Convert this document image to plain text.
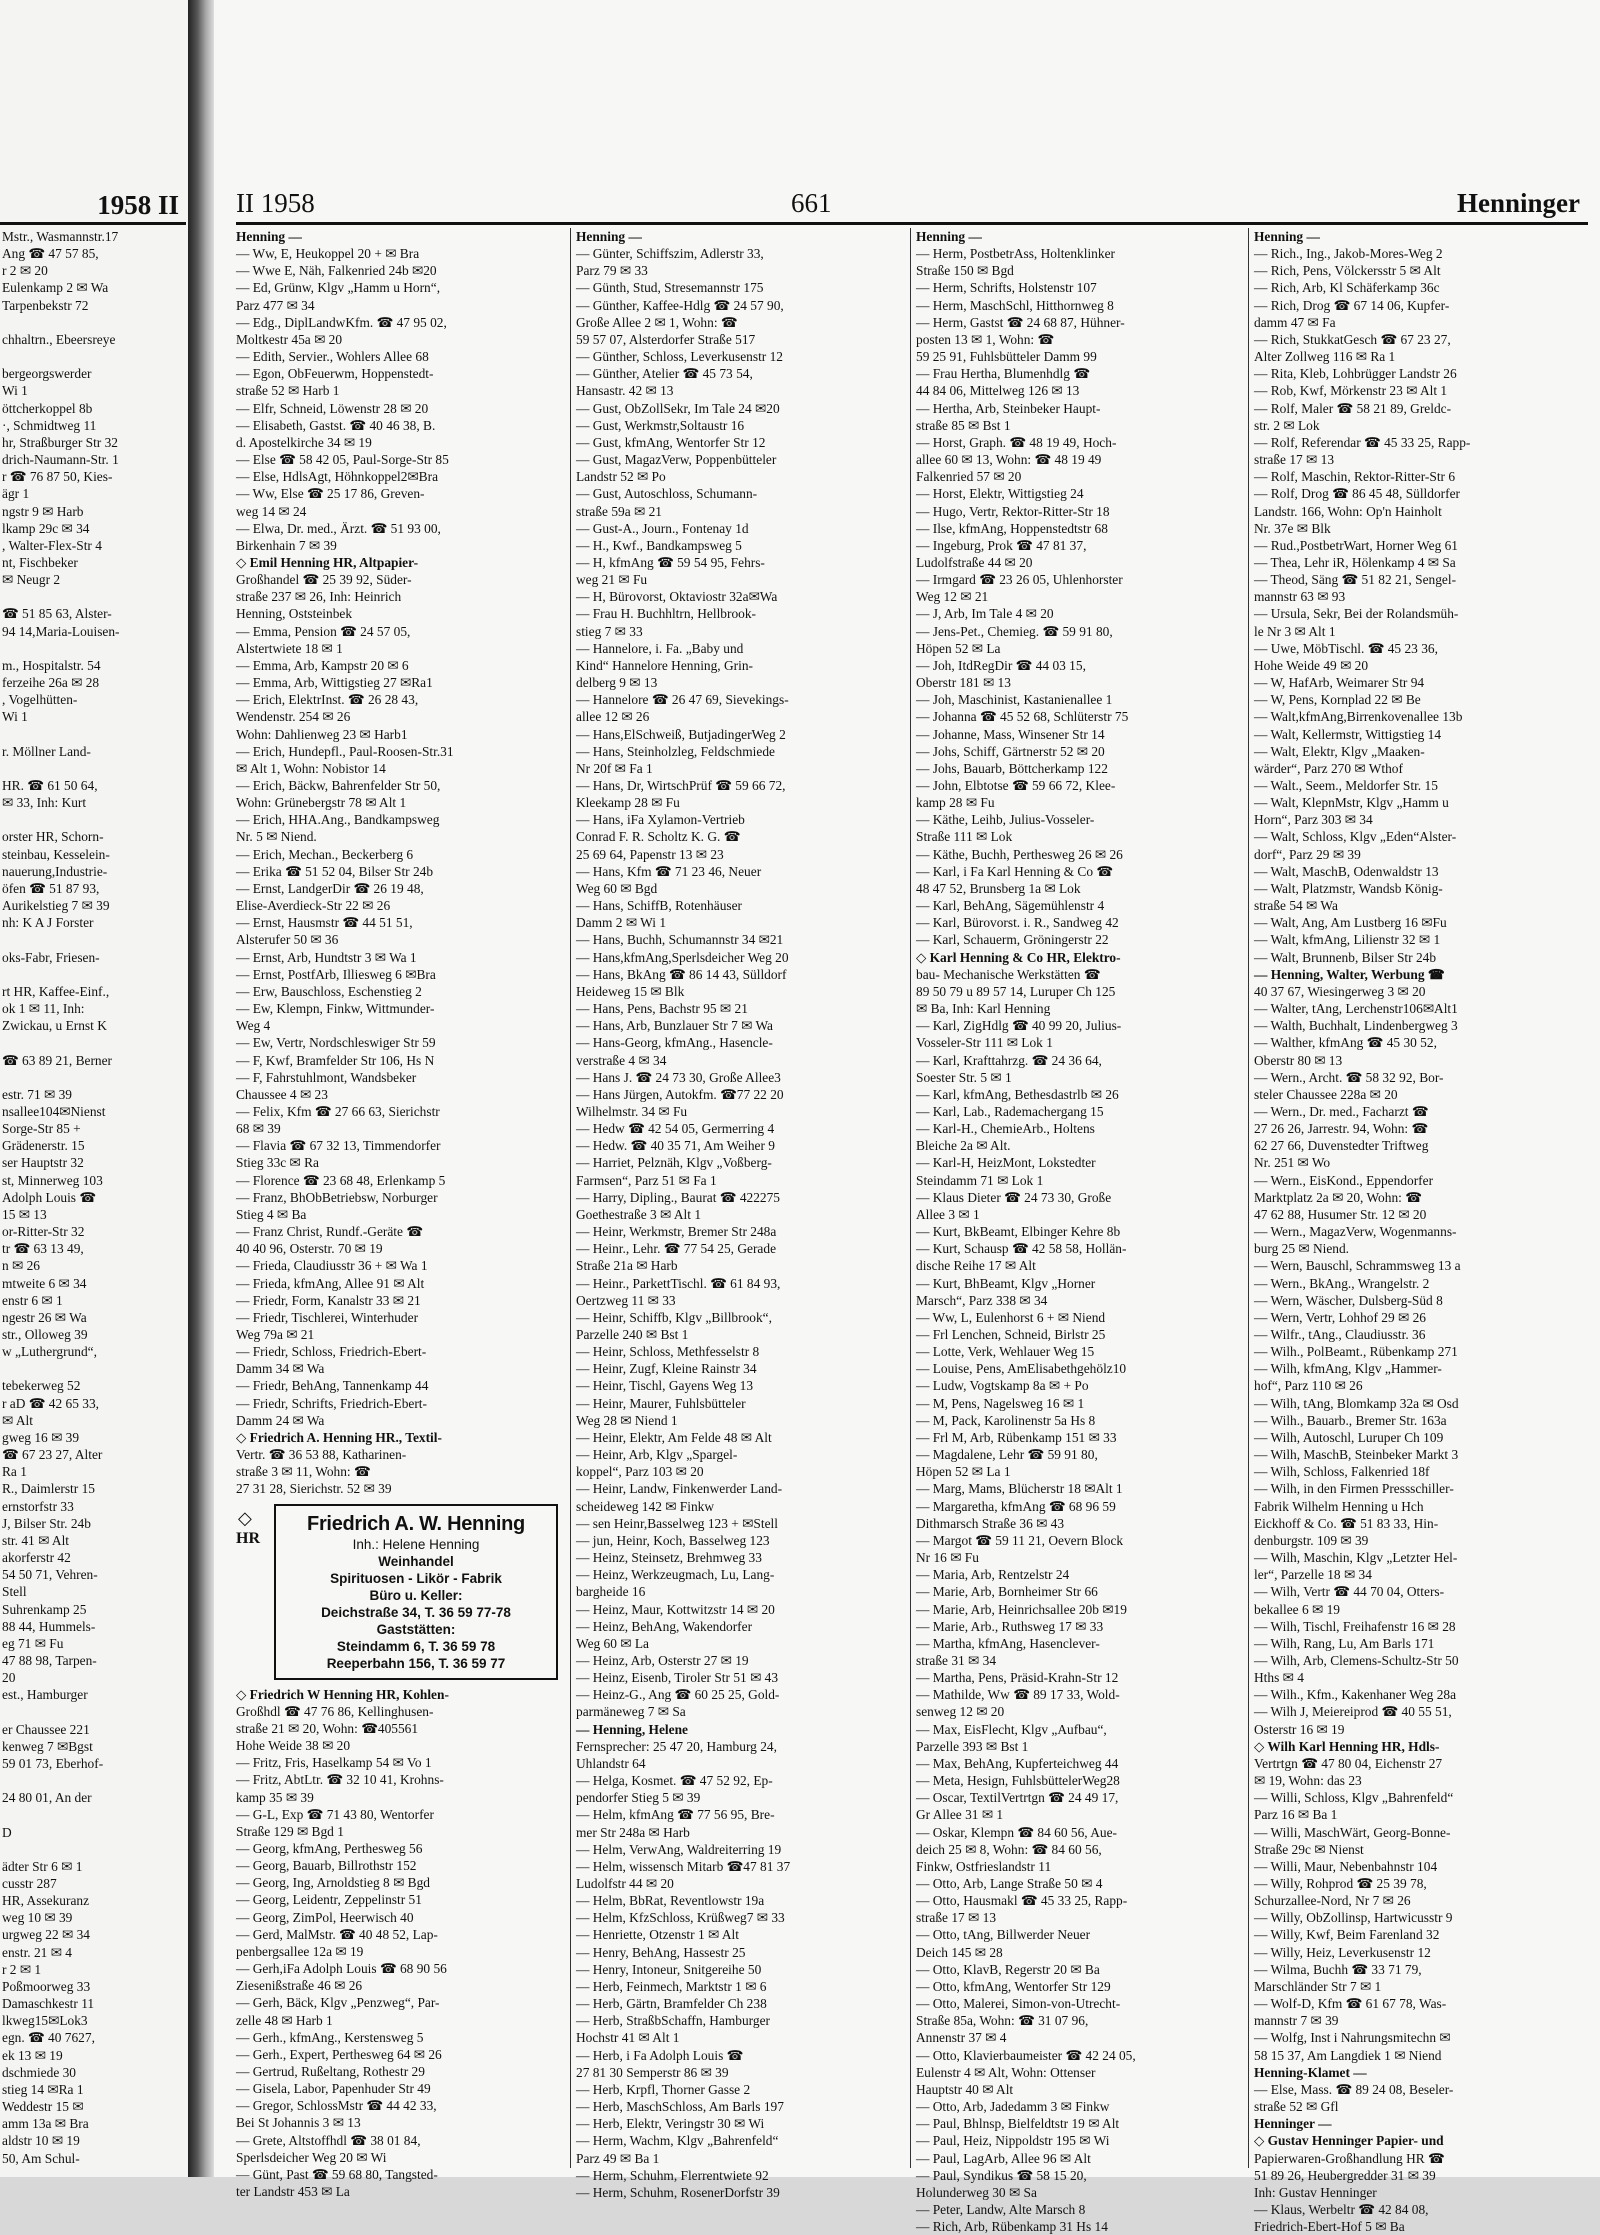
1958 II
Mstr., Wasmannstr.17
Ang ☎ 47 57 85,
r 2 ✉ 20
Eulenkamp 2 ✉ Wa
Tarpenbekstr 72

chhaltrn., Ebeersreye

bergeorgswerder
Wi 1
öttcherkoppel 8b
·, Schmidtweg 11
hr, Straßburger Str 32
drich-Naumann-Str. 1
r ☎ 76 87 50, Kies-
ägr 1
ngstr 9 ✉ Harb
lkamp 29c ✉ 34
, Walter-Flex-Str 4
nt, Fischbeker
✉ Neugr 2

☎ 51 85 63, Alster-
94 14,Maria-Louisen-

m., Hospitalstr. 54
ferzeihe 26a ✉ 28
, Vogelhütten-
Wi 1

r. Möllner Land-

HR. ☎ 61 50 64,
✉ 33, Inh: Kurt

orster HR, Schorn-
steinbau, Kesselein-
nauerung,Industrie-
öfen ☎ 51 87 93,
Aurikelstieg 7 ✉ 39
nh: K A J Forster

oks-Fabr, Friesen-

rt HR, Kaffee-Einf.,
ok 1 ✉ 11, Inh:
Zwickau, u Ernst K

☎ 63 89 21, Berner

estr. 71 ✉ 39
nsallee104✉Nienst
Sorge-Str 85 +
Grädenerstr. 15
ser Hauptstr 32
st, Minnerweg 103
Adolph Louis ☎
15 ✉ 13
or-Ritter-Str 32
tr ☎ 63 13 49,
n ✉ 26
mtweite 6 ✉ 34
enstr 6 ✉ 1
ngestr 26 ✉ Wa
str., Olloweg 39
w „Luthergrund“,

tebekerweg 52
r aD ☎ 42 65 33,
✉ Alt
gweg 16 ✉ 39
☎ 67 23 27, Alter
Ra 1
R., Daimlerstr 15
ernstorfstr 33
J, Bilser Str. 24b
str. 41 ✉ Alt
akorferstr 42
54 50 71, Vehren-
Stell
Suhrenkamp 25
88 44, Hummels-
eg 71 ✉ Fu
47 88 98, Tarpen-
20
est., Hamburger

er Chaussee 221
kenweg 7 ✉Bgst
59 01 73, Eberhof-

24 80 01, An der

D

ädter Str 6 ✉ 1
cusstr 287
HR, Assekuranz
weg 10 ✉ 39
urgweg 22 ✉ 34
enstr. 21 ✉ 4
r 2 ✉ 1
Poßmoorweg 33
Damaschkestr 11
lkweg15✉Lok3
egn. ☎ 40 7627,
ek 13 ✉ 19
dschmiede 30
stieg 14 ✉Ra 1
Weddestr 15 ✉
amm 13a ✉ Bra
aldstr 10 ✉ 19
50, Am Schul-
II 1958	661	Henninger
Henning —
— Ww, E, Heukoppel 20 + ✉ Bra
— Wwe E, Näh, Falkenried 24b ✉20
— Ed, Grünw, Klgv „Hamm u Horn“,
Parz 477 ✉ 34
— Edg., DiplLandwKfm. ☎ 47 95 02,
Moltkestr 45a ✉ 20
— Edith, Servier., Wohlers Allee 68
— Egon, ObFeuerwm, Hoppenstedt-
straße 52 ✉ Harb 1
— Elfr, Schneid, Löwenstr 28 ✉ 20
— Elisabeth, Gastst. ☎ 40 46 38, B.
d. Apostelkirche 34 ✉ 19
— Else ☎ 58 42 05, Paul-Sorge-Str 85
— Else, HdlsAgt, Höhnkoppel2✉Bra
— Ww, Else ☎ 25 17 86, Greven-
weg 14 ✉ 24
— Elwa, Dr. med., Ärzt. ☎ 51 93 00,
Birkenhain 7 ✉ 39
◇ Emil Henning HR, Altpapier-
Großhandel ☎ 25 39 92, Süder-
straße 237 ✉ 26, Inh: Heinrich
Henning, Oststeinbek
— Emma, Pension ☎ 24 57 05,
Alstertwiete 18 ✉ 1
— Emma, Arb, Kampstr 20 ✉ 6
— Emma, Arb, Wittigstieg 27 ✉Ra1
— Erich, ElektrInst. ☎ 26 28 43,
Wendenstr. 254 ✉ 26
Wohn: Dahlienweg 23 ✉ Harb1
— Erich, Hundepfl., Paul-Roosen-Str.31
✉ Alt 1, Wohn: Nobistor 14
— Erich, Bäckw, Bahrenfelder Str 50,
Wohn: Grünebergstr 78 ✉ Alt 1
— Erich, HHA.Ang., Bandkampsweg
Nr. 5 ✉ Niend.
— Erich, Mechan., Beckerberg 6
— Erika ☎ 51 52 04, Bilser Str 24b
— Ernst, LandgerDir ☎ 26 19 48,
Elise-Averdieck-Str 22 ✉ 26
— Ernst, Hausmstr ☎ 44 51 51,
Alsterufer 50 ✉ 36
— Ernst, Arb, Hundtstr 3 ✉ Wa 1
— Ernst, PostfArb, Illiesweg 6 ✉Bra
— Erw, Bauschloss, Eschenstieg 2
— Ew, Klempn, Finkw, Wittmunder-
Weg 4
— Ew, Vertr, Nordschleswiger Str 59
— F, Kwf, Bramfelder Str 106, Hs N
— F, Fahrstuhlmont, Wandsbeker
Chaussee 4 ✉ 23
— Felix, Kfm ☎ 27 66 63, Sierichstr
68 ✉ 39
— Flavia ☎ 67 32 13, Timmendorfer
Stieg 33c ✉ Ra
— Florence ☎ 23 68 48, Erlenkamp 5
— Franz, BhObBetriebsw, Norburger
Stieg 4 ✉ Ba
— Franz Christ, Rundf.-Geräte ☎
40 40 96, Osterstr. 70 ✉ 19
— Frieda, Claudiusstr 36 + ✉ Wa 1
— Frieda, kfmAng, Allee 91 ✉ Alt
— Friedr, Form, Kanalstr 33 ✉ 21
— Friedr, Tischlerei, Winterhuder
Weg 79a ✉ 21
— Friedr, Schloss, Friedrich-Ebert-
Damm 34 ✉ Wa
— Friedr, BehAng, Tannenkamp 44
— Friedr, Schrifts, Friedrich-Ebert-
Damm 24 ✉ Wa
◇ Friedrich A. Henning HR., Textil-
Vertr. ☎ 36 53 88, Katharinen-
straße 3 ✉ 11, Wohn: ☎
27 31 28, Sierichstr. 52 ✉ 39
◇
HR
Friedrich A. W. Henning
Inh.: Helene Henning
Weinhandel
Spirituosen - Likör - Fabrik
Büro u. Keller:
Deichstraße 34, T. 36 59 77-78
Gaststätten:
Steindamm 6, T. 36 59 78
Reeperbahn 156, T. 36 59 77
◇ Friedrich W Henning HR, Kohlen-
Großhdl ☎ 47 76 86, Kellinghusen-
straße 21 ✉ 20, Wohn: ☎405561
Hohe Weide 38 ✉ 20
— Fritz, Fris, Haselkamp 54 ✉ Vo 1
— Fritz, AbtLtr. ☎ 32 10 41, Krohns-
kamp 35 ✉ 39
— G-L, Exp ☎ 71 43 80, Wentorfer
Straße 129 ✉ Bgd 1
— Georg, kfmAng, Perthesweg 56
— Georg, Bauarb, Billrothstr 152
— Georg, Ing, Arnoldstieg 8 ✉ Bgd
— Georg, Leidentr, Zeppelinstr 51
— Georg, ZimPol, Heerwisch 40
— Gerd, MalMstr. ☎ 40 48 52, Lap-
penbergsallee 12a ✉ 19
— Gerh,iFa Adolph Louis ☎ 68 90 56
Ziesenißstraße 46 ✉ 26
— Gerh, Bäck, Klgv „Penzweg“, Par-
zelle 48 ✉ Harb 1
— Gerh., kfmAng., Kerstensweg 5
— Gerh., Expert, Perthesweg 64 ✉ 26
— Gertrud, Rußeltang, Rothestr 29
— Gisela, Labor, Papenhuder Str 49
— Gregor, SchlossMstr ☎ 44 42 33,
Bei St Johannis 3 ✉ 13
— Grete, Altstoffhdl ☎ 38 01 84,
Sperlsdeicher Weg 20 ✉ Wi
— Günt, Past ☎ 59 68 80, Tangsted-
ter Landstr 453 ✉ La
Henning —
— Günter, Schiffszim, Adlerstr 33,
Parz 79 ✉ 33
— Günth, Stud, Stresemannstr 175
— Günther, Kaffee-Hdlg ☎ 24 57 90,
Große Allee 2 ✉ 1, Wohn: ☎
59 57 07, Alsterdorfer Straße 517
— Günther, Schloss, Leverkusenstr 12
— Günther, Atelier ☎ 45 73 54,
Hansastr. 42 ✉ 13
— Gust, ObZollSekr, Im Tale 24 ✉20
— Gust, Werkmstr,Soltaustr 16
— Gust, kfmAng, Wentorfer Str 12
— Gust, MagazVerw, Poppenbütteler
Landstr 52 ✉ Po
— Gust, Autoschloss, Schumann-
straße 59a ✉ 21
— Gust-A., Journ., Fontenay 1d
— H., Kwf., Bandkampsweg 5
— H, kfmAng ☎ 59 54 95, Fehrs-
weg 21 ✉ Fu
— H, Bürovorst, Oktaviostr 32a✉Wa
— Frau H. Buchhltrn, Hellbrook-
stieg 7 ✉ 33
— Hannelore, i. Fa. „Baby und
Kind“ Hannelore Henning, Grin-
delberg 9 ✉ 13
— Hannelore ☎ 26 47 69, Sievekings-
allee 12 ✉ 26
— Hans,ElSchweiß, ButjadingerWeg 2
— Hans, Steinholzleg, Feldschmiede
Nr 20f ✉ Fa 1
— Hans, Dr, WirtschPrüf ☎ 59 66 72,
Kleekamp 28 ✉ Fu
— Hans, iFa Xylamon-Vertrieb
Conrad F. R. Scholtz K. G. ☎
25 69 64, Papenstr 13 ✉ 23
— Hans, Kfm ☎ 71 23 46, Neuer
Weg 60 ✉ Bgd
— Hans, SchiffB, Rotenhäuser
Damm 2 ✉ Wi 1
— Hans, Buchh, Schumannstr 34 ✉21
— Hans,kfmAng,Sperlsdeicher Weg 20
— Hans, BkAng ☎ 86 14 43, Sülldorf
Heideweg 15 ✉ Blk
— Hans, Pens, Bachstr 95 ✉ 21
— Hans, Arb, Bunzlauer Str 7 ✉ Wa
— Hans-Georg, kfmAng., Hasencle-
verstraße 4 ✉ 34
— Hans J. ☎ 24 73 30, Große Allee3
— Hans Jürgen, Autokfm. ☎77 22 20
Wilhelmstr. 34 ✉ Fu
— Hedw ☎ 42 54 05, Germerring 4
— Hedw. ☎ 40 35 71, Am Weiher 9
— Harriet, Pelznäh, Klgv „Voßberg-
Farmsen“, Parz 51 ✉ Fa 1
— Harry, Dipling., Baurat ☎ 422275
Goethestraße 3 ✉ Alt 1
— Heinr, Werkmstr, Bremer Str 248a
— Heinr., Lehr. ☎ 77 54 25, Gerade
Straße 21a ✉ Harb
— Heinr., ParkettTischl. ☎ 61 84 93,
Oertzweg 11 ✉ 33
— Heinr, Schiffb, Klgv „Billbrook“,
Parzelle 240 ✉ Bst 1
— Heinr, Schloss, Methfesselstr 8
— Heinr, Zugf, Kleine Rainstr 34
— Heinr, Tischl, Gayens Weg 13
— Heinr, Maurer, Fuhlsbütteler
Weg 28 ✉ Niend 1
— Heinr, Elektr, Am Felde 48 ✉ Alt
— Heinr, Arb, Klgv „Spargel-
koppel“, Parz 103 ✉ 20
— Heinr, Landw, Finkenwerder Land-
scheideweg 142 ✉ Finkw
— sen Heinr,Basselweg 123 + ✉Stell
— jun, Heinr, Koch, Basselweg 123
— Heinz, Steinsetz, Brehmweg 33
— Heinz, Werkzeugmach, Lu, Lang-
bargheide 16
— Heinz, Maur, Kottwitzstr 14 ✉ 20
— Heinz, BehAng, Wakendorfer
Weg 60 ✉ La
— Heinz, Arb, Osterstr 27 ✉ 19
— Heinz, Eisenb, Tiroler Str 51 ✉ 43
— Heinz-G., Ang ☎ 60 25 25, Gold-
parmäneweg 7 ✉ Sa
— Henning, Helene
Fernsprecher: 25 47 20, Hamburg 24,
Uhlandstr 64
— Helga, Kosmet. ☎ 47 52 92, Ep-
pendorfer Stieg 5 ✉ 39
— Helm, kfmAng ☎ 77 56 95, Bre-
mer Str 248a ✉ Harb
— Helm, VerwAng, Waldreiterring 19
— Helm, wissensch Mitarb ☎47 81 37
Ludolfstr 44 ✉ 20
— Helm, BbRat, Reventlowstr 19a
— Helm, KfzSchloss, Krüßweg7 ✉ 33
— Henriette, Otzenstr 1 ✉ Alt
— Henry, BehAng, Hassestr 25
— Henry, Intoneur, Snitgereihe 50
— Herb, Feinmech, Marktstr 1 ✉ 6
— Herb, Gärtn, Bramfelder Ch 238
— Herb, StraßbSchaffn, Hamburger
Hochstr 41 ✉ Alt 1
— Herb, i Fa Adolph Louis ☎
27 81 30 Semperstr 86 ✉ 39
— Herb, Krpfl, Thorner Gasse 2
— Herb, MaschSchloss, Am Barls 197
— Herb, Elektr, Veringstr 30 ✉ Wi
— Herm, Wachm, Klgv „Bahrenfeld“
Parz 49 ✉ Ba 1
— Herm, Schuhm, Flerrentwiete 92
— Herm, Schuhm, RosenerDorfstr 39
Henning —
— Herm, PostbetrAss, Holtenklinker
Straße 150 ✉ Bgd
— Herm, Schrifts, Holstenstr 107
— Herm, MaschSchl, Hitthornweg 8
— Herm, Gastst ☎ 24 68 87, Hühner-
posten 13 ✉ 1, Wohn: ☎
59 25 91, Fuhlsbütteler Damm 99
— Frau Hertha, Blumenhdlg ☎
44 84 06, Mittelweg 126 ✉ 13
— Hertha, Arb, Steinbeker Haupt-
straße 85 ✉ Bst 1
— Horst, Graph. ☎ 48 19 49, Hoch-
allee 60 ✉ 13, Wohn: ☎ 48 19 49
Falkenried 57 ✉ 20
— Horst, Elektr, Wittigstieg 24
— Hugo, Vertr, Rektor-Ritter-Str 18
— Ilse, kfmAng, Hoppenstedtstr 68
— Ingeburg, Prok ☎ 47 81 37,
Ludolfstraße 44 ✉ 20
— Irmgard ☎ 23 26 05, Uhlenhorster
Weg 12 ✉ 21
— J, Arb, Im Tale 4 ✉ 20
— Jens-Pet., Chemieg. ☎ 59 91 80,
Höpen 52 ✉ La
— Joh, ItdRegDir ☎ 44 03 15,
Oberstr 181 ✉ 13
— Joh, Maschinist, Kastanienallee 1
— Johanna ☎ 45 52 68, Schlüterstr 75
— Johanne, Mass, Winsener Str 14
— Johs, Schiff, Gärtnerstr 52 ✉ 20
— Johs, Bauarb, Böttcherkamp 122
— John, Elbtotse ☎ 59 66 72, Klee-
kamp 28 ✉ Fu
— Käthe, Leihb, Julius-Vosseler-
Straße 111 ✉ Lok
— Käthe, Buchh, Perthesweg 26 ✉ 26
— Karl, i Fa Karl Henning & Co ☎
48 47 52, Brunsberg 1a ✉ Lok
— Karl, BehAng, Sägemühlenstr 4
— Karl, Bürovorst. i. R., Sandweg 42
— Karl, Schauerm, Gröningerstr 22
◇ Karl Henning & Co HR, Elektro-
bau- Mechanische Werkstätten ☎
89 50 79 u 89 57 14, Luruper Ch 125
✉ Ba, Inh: Karl Henning
— Karl, ZigHdlg ☎ 40 99 20, Julius-
Vosseler-Str 111 ✉ Lok 1
— Karl, Krafttahrzg. ☎ 24 36 64,
Soester Str. 5 ✉ 1
— Karl, kfmAng, Bethesdastrlb ✉ 26
— Karl, Lab., Rademachergang 15
— Karl-H., ChemieArb., Holtens
Bleiche 2a ✉ Alt.
— Karl-H, HeizMont, Lokstedter
Steindamm 71 ✉ Lok 1
— Klaus Dieter ☎ 24 73 30, Große
Allee 3 ✉ 1
— Kurt, BkBeamt, Elbinger Kehre 8b
— Kurt, Schausp ☎ 42 58 58, Hollän-
dische Reihe 17 ✉ Alt
— Kurt, BhBeamt, Klgv „Horner
Marsch“, Parz 338 ✉ 34
— Ww, L, Eulenhorst 6 + ✉ Niend
— Frl Lenchen, Schneid, Birlstr 25
— Lotte, Verk, Wehlauer Weg 15
— Louise, Pens, AmElisabethgehölz10
— Ludw, Vogtskamp 8a ✉ + Po
— M, Pens, Nagelsweg 16 ✉ 1
— M, Pack, Karolinenstr 5a Hs 8
— Frl M, Arb, Rübenkamp 151 ✉ 33
— Magdalene, Lehr ☎ 59 91 80,
Höpen 52 ✉ La 1
— Marg, Mams, Blücherstr 18 ✉Alt 1
— Margaretha, kfmAng ☎ 68 96 59
Dithmarsch Straße 36 ✉ 43
— Margot ☎ 59 11 21, Oevern Block
Nr 16 ✉ Fu
— Maria, Arb, Rentzelstr 24
— Marie, Arb, Bornheimer Str 66
— Marie, Arb, Heinrichsallee 20b ✉19
— Marie, Arb., Ruthsweg 17 ✉ 33
— Martha, kfmAng, Hasenclever-
straße 31 ✉ 34
— Martha, Pens, Präsid-Krahn-Str 12
— Mathilde, Ww ☎ 89 17 33, Wold-
senweg 12 ✉ 20
— Max, EisFlecht, Klgv „Aufbau“,
Parzelle 393 ✉ Bst 1
— Max, BehAng, Kupferteichweg 44
— Meta, Hesign, FuhlsbüttelerWeg28
— Oscar, TextilVertrtgn ☎ 24 49 17,
Gr Allee 31 ✉ 1
— Oskar, Klempn ☎ 84 60 56, Aue-
deich 25 ✉ 8, Wohn: ☎ 84 60 56,
Finkw, Ostfrieslandstr 11
— Otto, Arb, Lange Straße 50 ✉ 4
— Otto, Hausmakl ☎ 45 33 25, Rapp-
straße 17 ✉ 13
— Otto, tAng, Billwerder Neuer
Deich 145 ✉ 28
— Otto, KlavB, Regerstr 20 ✉ Ba
— Otto, kfmAng, Wentorfer Str 129
— Otto, Malerei, Simon-von-Utrecht-
Straße 85a, Wohn: ☎ 31 07 96,
Annenstr 37 ✉ 4
— Otto, Klavierbaumeister ☎ 42 24 05,
Eulenstr 4 ✉ Alt, Wohn: Ottenser
Hauptstr 40 ✉ Alt
— Otto, Arb, Jadedamm 3 ✉ Finkw
— Paul, Bhlnsp, Bielfeldtstr 19 ✉ Alt
— Paul, Heiz, Nippoldstr 195 ✉ Wi
— Paul, LagArb, Allee 96 ✉ Alt
— Paul, Syndikus ☎ 58 15 20,
Holunderweg 30 ✉ Sa
— Peter, Landw, Alte Marsch 8
— Rich, Arb, Rübenkamp 31 Hs 14
Henning —
— Rich., Ing., Jakob-Mores-Weg 2
— Rich, Pens, Völckersstr 5 ✉ Alt
— Rich, Arb, Kl Schäferkamp 36c
— Rich, Drog ☎ 67 14 06, Kupfer-
damm 47 ✉ Fa
— Rich, StukkatGesch ☎ 67 23 27,
Alter Zollweg 116 ✉ Ra 1
— Rita, Kleb, Lohbrügger Landstr 26
— Rob, Kwf, Mörkenstr 23 ✉ Alt 1
— Rolf, Maler ☎ 58 21 89, Greldc-
str. 2 ✉ Lok
— Rolf, Referendar ☎ 45 33 25, Rapp-
straße 17 ✉ 13
— Rolf, Maschin, Rektor-Ritter-Str 6
— Rolf, Drog ☎ 86 45 48, Sülldorfer
Landstr. 166, Wohn: Op'n Hainholt
Nr. 37e ✉ Blk
— Rud.,PostbetrWart, Horner Weg 61
— Thea, Lehr iR, Hölenkamp 4 ✉ Sa
— Theod, Säng ☎ 51 82 21, Sengel-
mannstr 63 ✉ 93
— Ursula, Sekr, Bei der Rolandsmüh-
le Nr 3 ✉ Alt 1
— Uwe, MöbTischl. ☎ 45 23 36,
Hohe Weide 49 ✉ 20
— W, HafArb, Weimarer Str 94
— W, Pens, Kornplad 22 ✉ Be
— Walt,kfmAng,Birrenkovenallee 13b
— Walt, Kellermstr, Wittigstieg 14
— Walt, Elektr, Klgv „Maaken-
wärder“, Parz 270 ✉ Wthof
— Walt., Seem., Meldorfer Str. 15
— Walt, KlepnMstr, Klgv „Hamm u
Horn“, Parz 303 ✉ 34
— Walt, Schloss, Klgv „Eden“Alster-
dorf“, Parz 29 ✉ 39
— Walt, MaschB, Odenwaldstr 13
— Walt, Platzmstr, Wandsb König-
straße 54 ✉ Wa
— Walt, Ang, Am Lustberg 16 ✉Fu
— Walt, kfmAng, Lilienstr 32 ✉ 1
— Walt, Brunnenb, Bilser Str 24b
— Henning, Walter, Werbung ☎
40 37 67, Wiesingerweg 3 ✉ 20
— Walter, tAng, Lerchenstr106✉Alt1
— Walth, Buchhalt, Lindenbergweg 3
— Walther, kfmAng ☎ 45 30 52,
Oberstr 80 ✉ 13
— Wern., Archt. ☎ 58 32 92, Bor-
steler Chaussee 228a ✉ 20
— Wern., Dr. med., Facharzt ☎
27 26 26, Jarrestr. 94, Wohn: ☎
62 27 66, Duvenstedter Triftweg
Nr. 251 ✉ Wo
— Wern., EisKond., Eppendorfer
Marktplatz 2a ✉ 20, Wohn: ☎
47 62 88, Husumer Str. 12 ✉ 20
— Wern., MagazVerw, Wogenmanns-
burg 25 ✉ Niend.
— Wern, Bauschl, Schrammsweg 13 a
— Wern., BkAng., Wrangelstr. 2
— Wern, Wäscher, Dulsberg-Süd 8
— Wern, Vertr, Lohhof 29 ✉ 26
— Wilfr., tAng., Claudiusstr. 36
— Wilh., PolBeamt., Rübenkamp 271
— Wilh, kfmAng, Klgv „Hammer-
hof“, Parz 110 ✉ 26
— Wilh, tAng, Blomkamp 32a ✉ Osd
— Wilh., Bauarb., Bremer Str. 163a
— Wilh, Autoschl, Luruper Ch 109
— Wilh, MaschB, Steinbeker Markt 3
— Wilh, Schloss, Falkenried 18f
— Wilh, in den Firmen Pressschiller-
Fabrik Wilhelm Henning u Hch
Eickhoff & Co. ☎ 51 83 33, Hin-
denburgstr. 109 ✉ 39
— Wilh, Maschin, Klgv „Letzter Hel-
ler“, Parzelle 18 ✉ 34
— Wilh, Vertr ☎ 44 70 04, Otters-
bekallee 6 ✉ 19
— Wilh, Tischl, Freihafenstr 16 ✉ 28
— Wilh, Rang, Lu, Am Barls 171
— Wilh, Arb, Clemens-Schultz-Str 50
Hths ✉ 4
— Wilh., Kfm., Kakenhaner Weg 28a
— Wilh J, Meiereiprod ☎ 40 55 51,
Osterstr 16 ✉ 19
◇ Wilh Karl Henning HR, Hdls-
Vertrtgn ☎ 47 80 04, Eichenstr 27
✉ 19, Wohn: das 23
— Willi, Schloss, Klgv „Bahrenfeld“
Parz 16 ✉ Ba 1
— Willi, MaschWärt, Georg-Bonne-
Straße 29c ✉ Nienst
— Willi, Maur, Nebenbahnstr 104
— Willy, Rohprod ☎ 25 39 78,
Schurzallee-Nord, Nr 7 ✉ 26
— Willy, ObZollinsp, Hartwicusstr 9
— Willy, Kwf, Beim Farenland 32
— Willy, Heiz, Leverkusenstr 12
— Wilma, Buchh ☎ 33 71 79,
Marschländer Str 7 ✉ 1
— Wolf-D, Kfm ☎ 61 67 78, Was-
mannstr 7 ✉ 39
— Wolfg, Inst i Nahrungsmitechn ✉
58 15 37, Am Langdiek 1 ✉ Niend
Henning-Klamet —
— Else, Mass. ☎ 89 24 08, Beseler-
straße 52 ✉ Gfl
Henninger —
◇ Gustav Henninger Papier- und
Papierwaren-Großhandlung HR ☎
51 89 26, Heubergredder 31 ✉ 39
Inh: Gustav Henninger
— Klaus, Werbeltr ☎ 42 84 08,
Friedrich-Ebert-Hof 5 ✉ Ba
